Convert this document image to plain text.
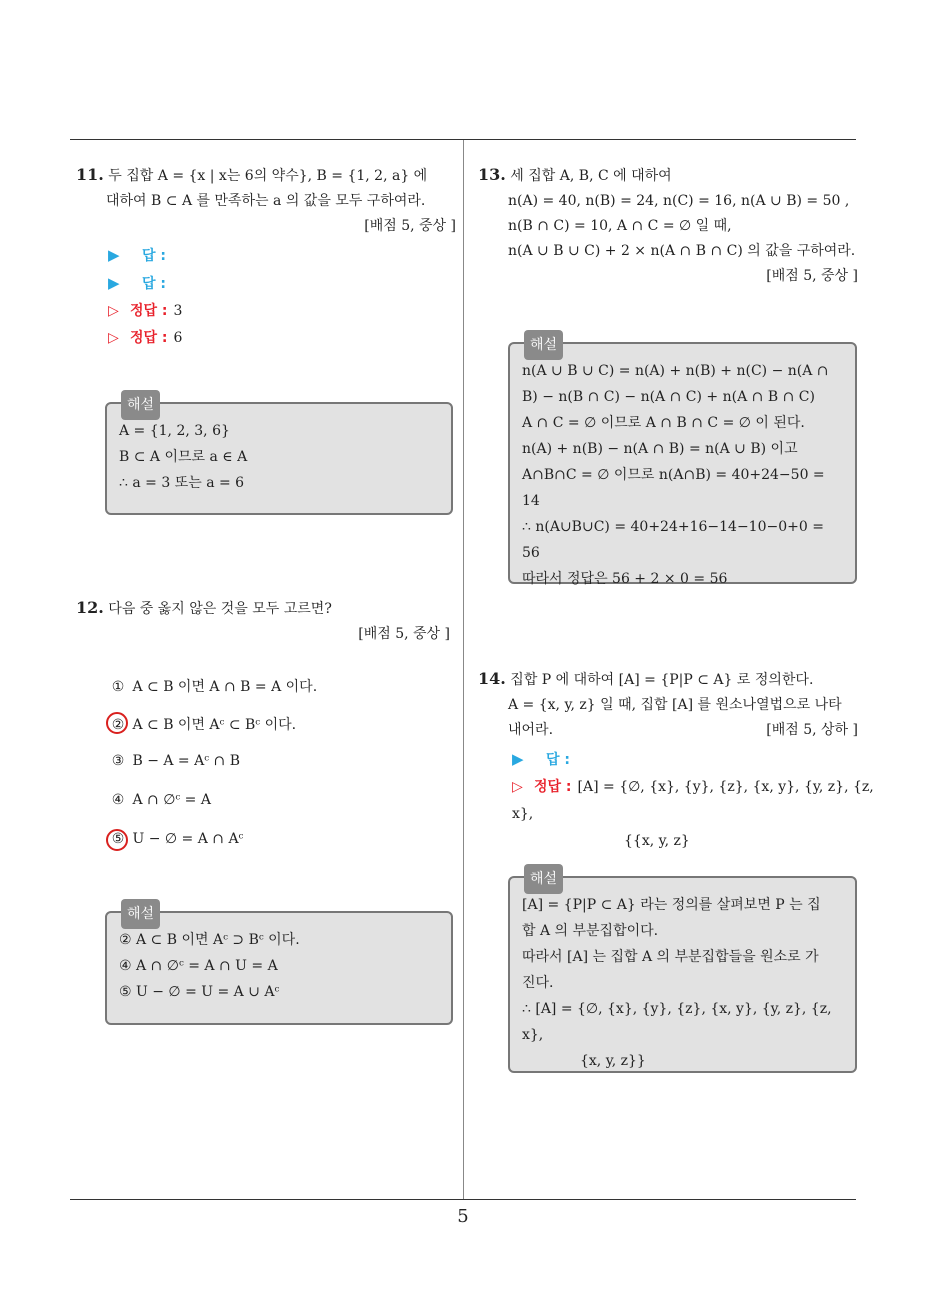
11. 두 집합 A = {x | x는 6의 약수}, B = {1, 2, a} 에
대하여 B ⊂ A 를 만족하는 a 의 값을 모두 구하여라.
[배점 5, 중상 ]
▶ 답 :
▶ 답 :
▷ 정답 : 3
▷ 정답 : 6
해설
A = {1, 2, 3, 6}
B ⊂ A 이므로 a ∈ A
∴ a = 3 또는 a = 6
12. 다음 중 옳지 않은 것을 모두 고르면?
[배점 5, 중상 ]
① A ⊂ B 이면 A ∩ B = A 이다.
② A ⊂ B 이면 Aᶜ ⊂ Bᶜ 이다.
③ B − A = Aᶜ ∩ B
④ A ∩ ∅ᶜ = A
⑤ U − ∅ = A ∩ Aᶜ
해설
② A ⊂ B 이면 Aᶜ ⊃ Bᶜ 이다.
④ A ∩ ∅ᶜ = A ∩ U = A
⑤ U − ∅ = U = A ∪ Aᶜ
13. 세 집합 A, B, C 에 대하여
n(A) = 40, n(B) = 24, n(C) = 16, n(A ∪ B) = 50 ,
n(B ∩ C) = 10, A ∩ C = ∅ 일 때,
n(A ∪ B ∪ C) + 2 × n(A ∩ B ∩ C) 의 값을 구하여라.
[배점 5, 중상 ]
해설
n(A ∪ B ∪ C) = n(A) + n(B) + n(C) − n(A ∩
B) − n(B ∩ C) − n(A ∩ C) + n(A ∩ B ∩ C)
A ∩ C = ∅ 이므로 A ∩ B ∩ C = ∅ 이 된다.
n(A) + n(B) − n(A ∩ B) = n(A ∪ B) 이고
A∩B∩C = ∅ 이므로 n(A∩B) = 40+24−50 =
14
∴ n(A∪B∪C) = 40+24+16−14−10−0+0 = 56
따라서 정답은 56 + 2 × 0 = 56
14. 집합 P 에 대하여 [A] = {P|P ⊂ A} 로 정의한다.
A = {x, y, z} 일 때, 집합 [A] 를 원소나열법으로 나타
내어라.	[배점 5, 상하 ]
▶ 답 :
▷ 정답 : [A] = {∅, {x}, {y}, {z}, {x, y}, {y, z}, {z, x},
{{x, y, z}
해설
[A] = {P|P ⊂ A} 라는 정의를 살펴보면 P 는 집
합 A 의 부분집합이다.
따라서 [A] 는 집합 A 의 부분집합들을 원소로 가
진다.
∴ [A] = {∅, {x}, {y}, {z}, {x, y}, {y, z}, {z, x},
{x, y, z}}
5
